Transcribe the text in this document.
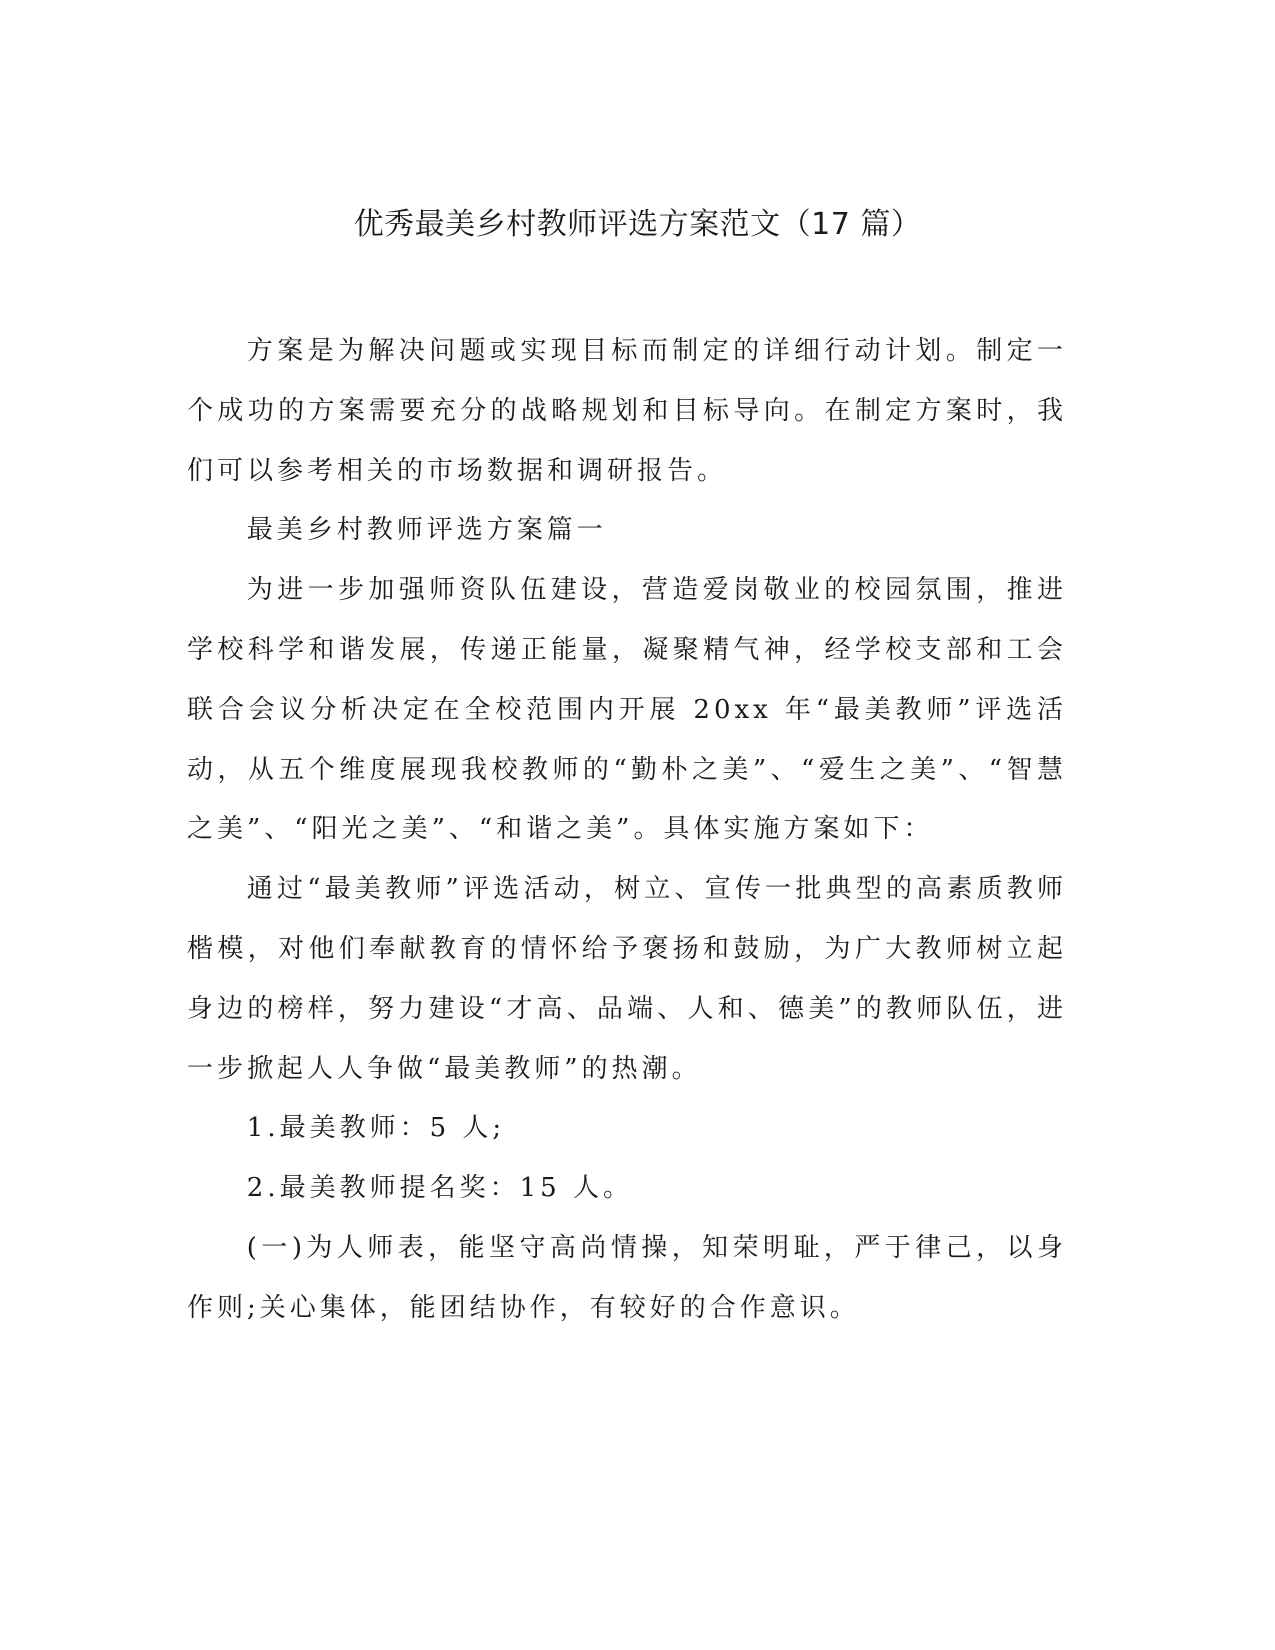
优秀最美乡村教师评选方案范文（17 篇）

方案是为解决问题或实现目标而制定的详细行动计划。制定一个成功的方案需要充分的战略规划和目标导向。在制定方案时，我们可以参考相关的市场数据和调研报告。

最美乡村教师评选方案篇一

为进一步加强师资队伍建设，营造爱岗敬业的校园氛围，推进学校科学和谐发展，传递正能量，凝聚精气神，经学校支部和工会联合会议分析决定在全校范围内开展 20xx 年“最美教师”评选活动，从五个维度展现我校教师的“勤朴之美”、“爱生之美”、“智慧之美”、“阳光之美”、“和谐之美”。具体实施方案如下：

通过“最美教师”评选活动，树立、宣传一批典型的高素质教师楷模，对他们奉献教育的情怀给予褒扬和鼓励，为广大教师树立起身边的榜样，努力建设“才高、品端、人和、德美”的教师队伍，进一步掀起人人争做“最美教师”的热潮。

1.最美教师：5 人;

2.最美教师提名奖：15 人。

(一)为人师表，能坚守高尚情操，知荣明耻，严于律己，以身作则;关心集体，能团结协作，有较好的合作意识。
